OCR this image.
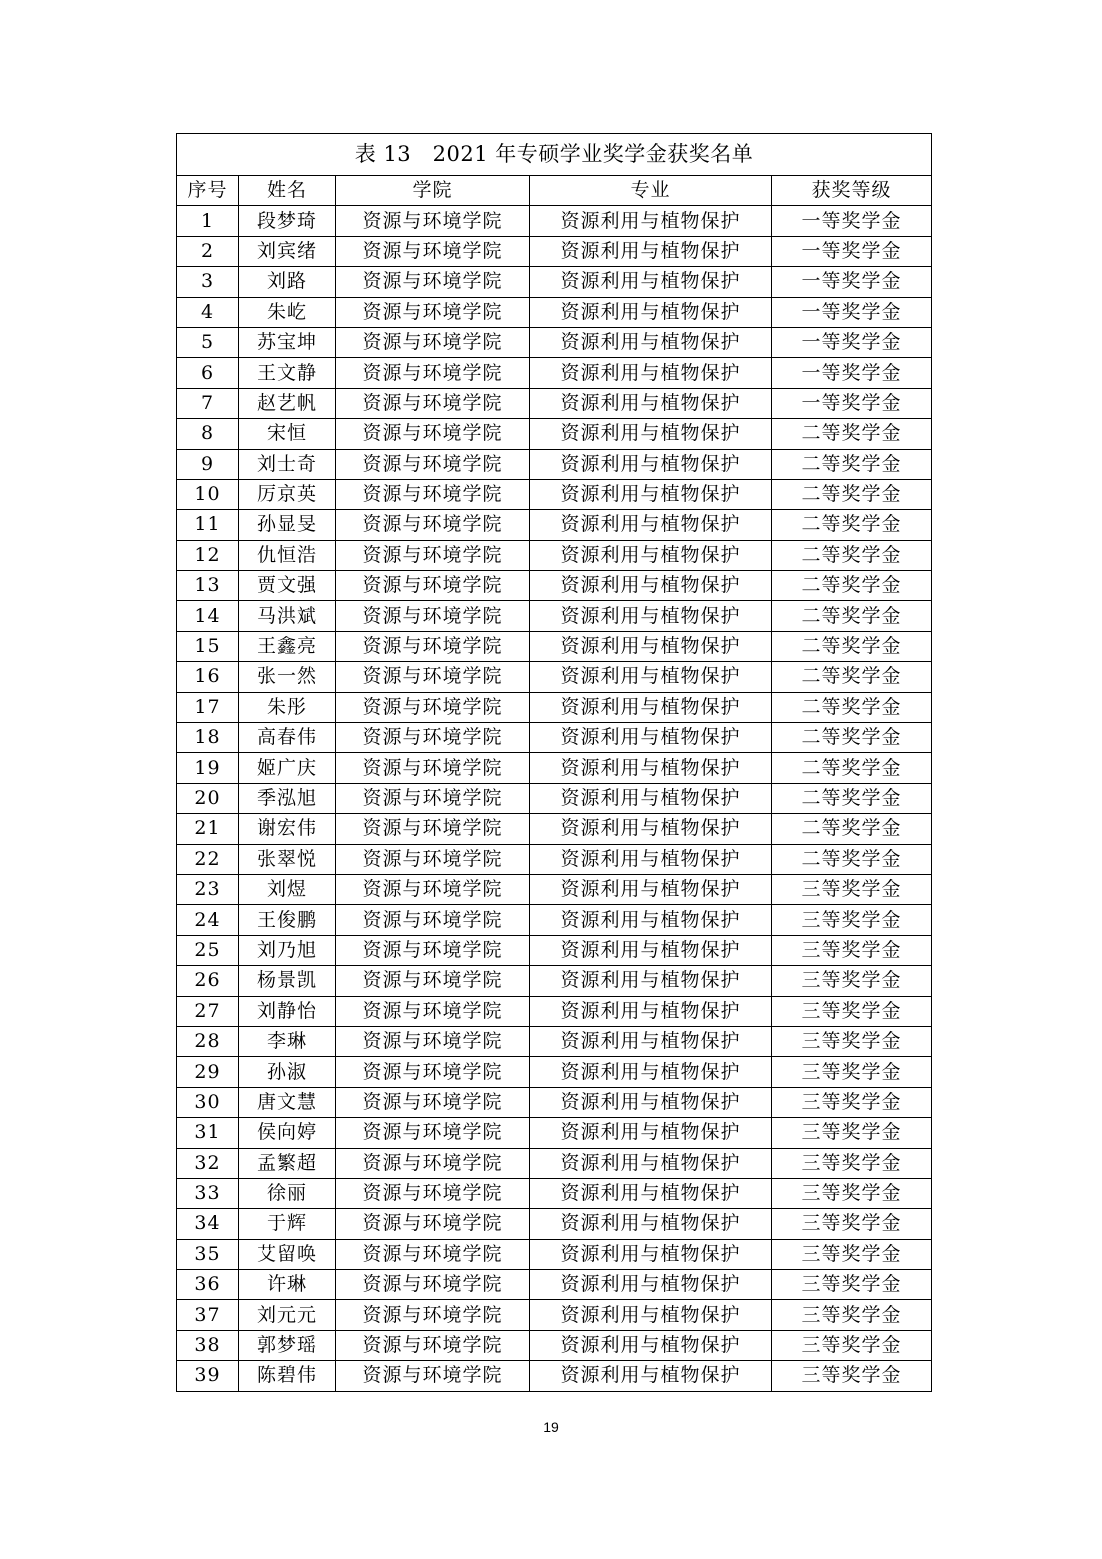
表 13　2021 年专硕学业奖学金获奖名单				
序号	姓名	学院	专业	获奖等级
1	段梦琦	资源与环境学院	资源利用与植物保护	一等奖学金
2	刘宾绪	资源与环境学院	资源利用与植物保护	一等奖学金
3	刘路	资源与环境学院	资源利用与植物保护	一等奖学金
4	朱屹	资源与环境学院	资源利用与植物保护	一等奖学金
5	苏宝坤	资源与环境学院	资源利用与植物保护	一等奖学金
6	王文静	资源与环境学院	资源利用与植物保护	一等奖学金
7	赵艺帆	资源与环境学院	资源利用与植物保护	一等奖学金
8	宋恒	资源与环境学院	资源利用与植物保护	二等奖学金
9	刘士奇	资源与环境学院	资源利用与植物保护	二等奖学金
10	厉京英	资源与环境学院	资源利用与植物保护	二等奖学金
11	孙显旻	资源与环境学院	资源利用与植物保护	二等奖学金
12	仇恒浩	资源与环境学院	资源利用与植物保护	二等奖学金
13	贾文强	资源与环境学院	资源利用与植物保护	二等奖学金
14	马洪斌	资源与环境学院	资源利用与植物保护	二等奖学金
15	王鑫亮	资源与环境学院	资源利用与植物保护	二等奖学金
16	张一然	资源与环境学院	资源利用与植物保护	二等奖学金
17	朱彤	资源与环境学院	资源利用与植物保护	二等奖学金
18	高春伟	资源与环境学院	资源利用与植物保护	二等奖学金
19	姬广庆	资源与环境学院	资源利用与植物保护	二等奖学金
20	季泓旭	资源与环境学院	资源利用与植物保护	二等奖学金
21	谢宏伟	资源与环境学院	资源利用与植物保护	二等奖学金
22	张翠悦	资源与环境学院	资源利用与植物保护	二等奖学金
23	刘煜	资源与环境学院	资源利用与植物保护	三等奖学金
24	王俊鹏	资源与环境学院	资源利用与植物保护	三等奖学金
25	刘乃旭	资源与环境学院	资源利用与植物保护	三等奖学金
26	杨景凯	资源与环境学院	资源利用与植物保护	三等奖学金
27	刘静怡	资源与环境学院	资源利用与植物保护	三等奖学金
28	李琳	资源与环境学院	资源利用与植物保护	三等奖学金
29	孙淑	资源与环境学院	资源利用与植物保护	三等奖学金
30	唐文慧	资源与环境学院	资源利用与植物保护	三等奖学金
31	侯向婷	资源与环境学院	资源利用与植物保护	三等奖学金
32	孟繁超	资源与环境学院	资源利用与植物保护	三等奖学金
33	徐丽	资源与环境学院	资源利用与植物保护	三等奖学金
34	于辉	资源与环境学院	资源利用与植物保护	三等奖学金
35	艾留唤	资源与环境学院	资源利用与植物保护	三等奖学金
36	许琳	资源与环境学院	资源利用与植物保护	三等奖学金
37	刘元元	资源与环境学院	资源利用与植物保护	三等奖学金
38	郭梦瑶	资源与环境学院	资源利用与植物保护	三等奖学金
39	陈碧伟	资源与环境学院	资源利用与植物保护	三等奖学金
19
